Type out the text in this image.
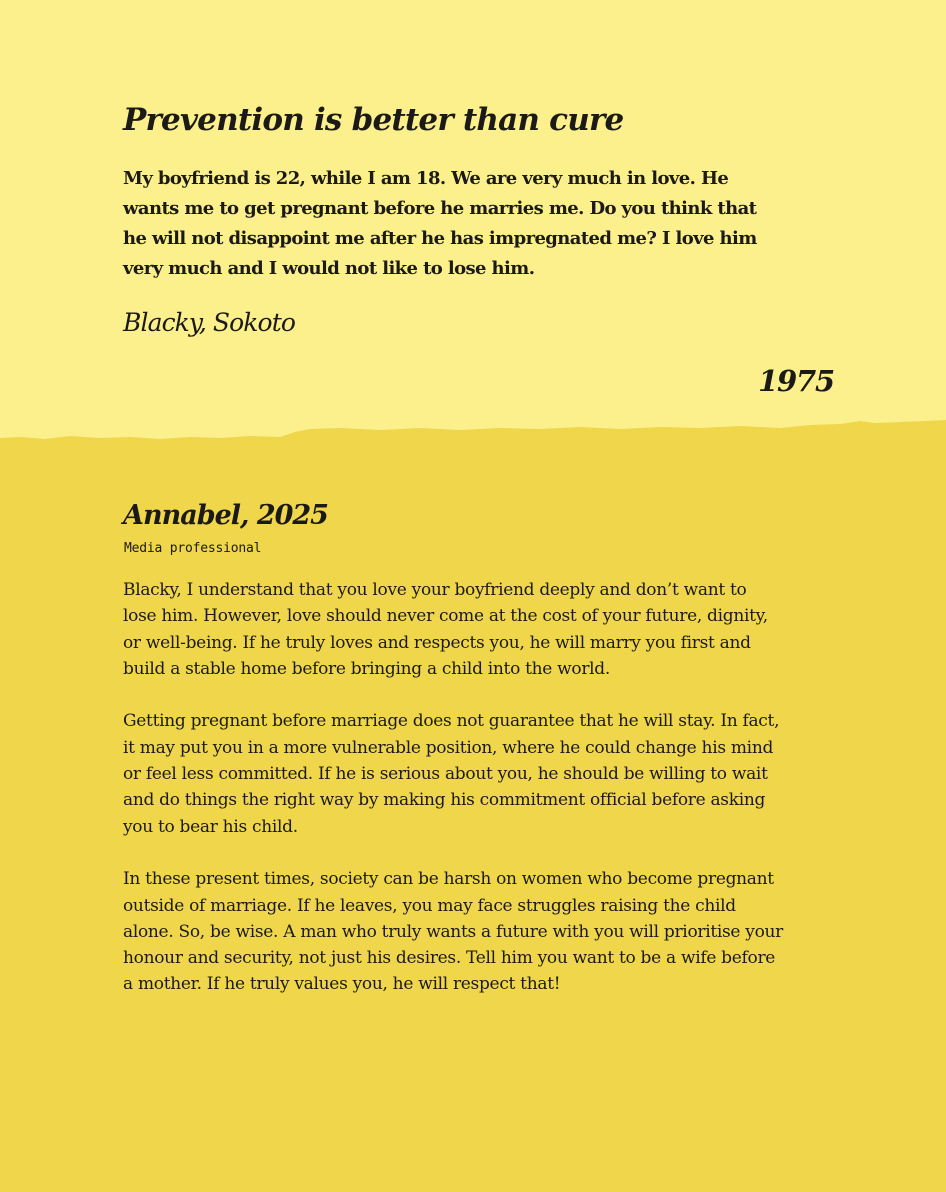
Prevention is better than cure

My boyfriend is 22, while I am 18. We are very much in love. He wants me to get pregnant before he marries me. Do you think that he will not disappoint me after he has impregnated me? I love him very much and I would not like to lose him.

Blacky, Sokoto

1975

Annabel, 2025

Media professional

Blacky, I understand that you love your boyfriend deeply and don’t want to lose him. However, love should never come at the cost of your future, dignity, or well-being. If he truly loves and respects you, he will marry you first and build a stable home before bringing a child into the world.

Getting pregnant before marriage does not guarantee that he will stay. In fact, it may put you in a more vulnerable position, where he could change his mind or feel less committed. If he is serious about you, he should be willing to wait and do things the right way by making his commitment official before asking you to bear his child.

In these present times, society can be harsh on women who become pregnant outside of marriage. If he leaves, you may face struggles raising the child alone. So, be wise. A man who truly wants a future with you will prioritise your honour and security, not just his desires. Tell him you want to be a wife before a mother. If he truly values you, he will respect that!
